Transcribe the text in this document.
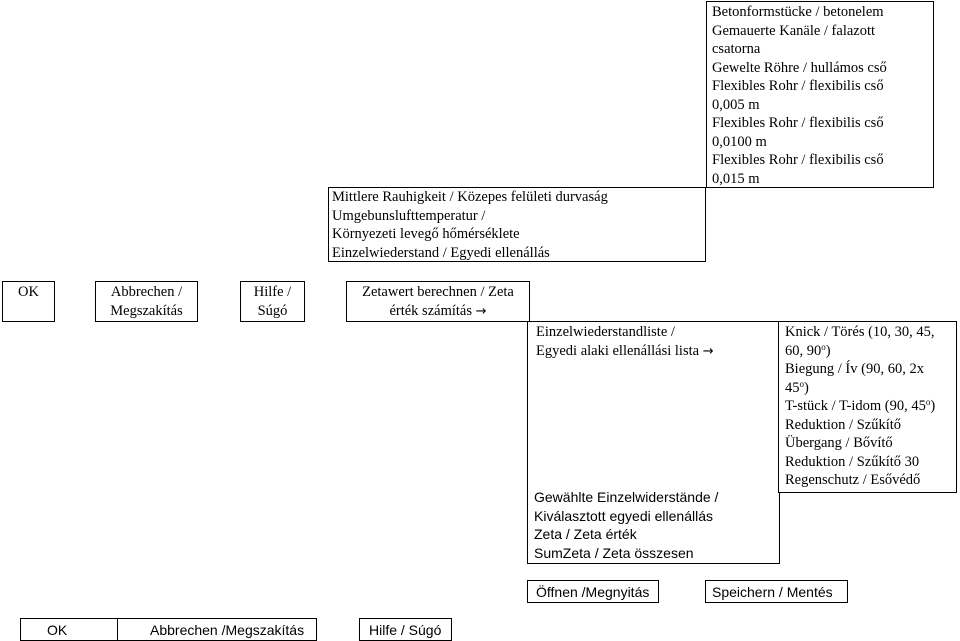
Betonformstücke / betonelem
Gemauerte Kanäle / falazott
csatorna
Gewelte Röhre / hullámos cső
Flexibles Rohr / flexibilis cső
0,005 m
Flexibles Rohr / flexibilis cső
0,0100 m
Flexibles Rohr / flexibilis cső
0,015 m
Mittlere Rauhigkeit / Közepes felületi durvaság
Umgebunslufttemperatur /
Környezeti levegő hőmérséklete
Einzelwiederstand / Egyedi ellenállás
OK	Abbrechen /
Megszakítás
Hilfe /
Súgó
Zetawert berechnen / Zeta
érték számítás →
Einzelwiederstandliste /
Egyedi alaki ellenállási lista →
Gewählte Einzelwiderstände /
Kiválasztott egyedi ellenállás
Zeta / Zeta érték
SumZeta / Zeta összesen
Knick / Törés (10, 30, 45,
60, 90$^o$)
Biegung / Ív (90, 60, 2x
45$^o$)
T-stück / T-idom (90, 45$^o$)
Reduktion / Szűkítő
Übergang / Bővítő
Reduktion / Szűkítő 30
Regenschutz / Esővédő
Öffnen /Megnyitás	Speichern / Mentés
OK	Abbrechen /Megszakítás	Hilfe / Súgó
